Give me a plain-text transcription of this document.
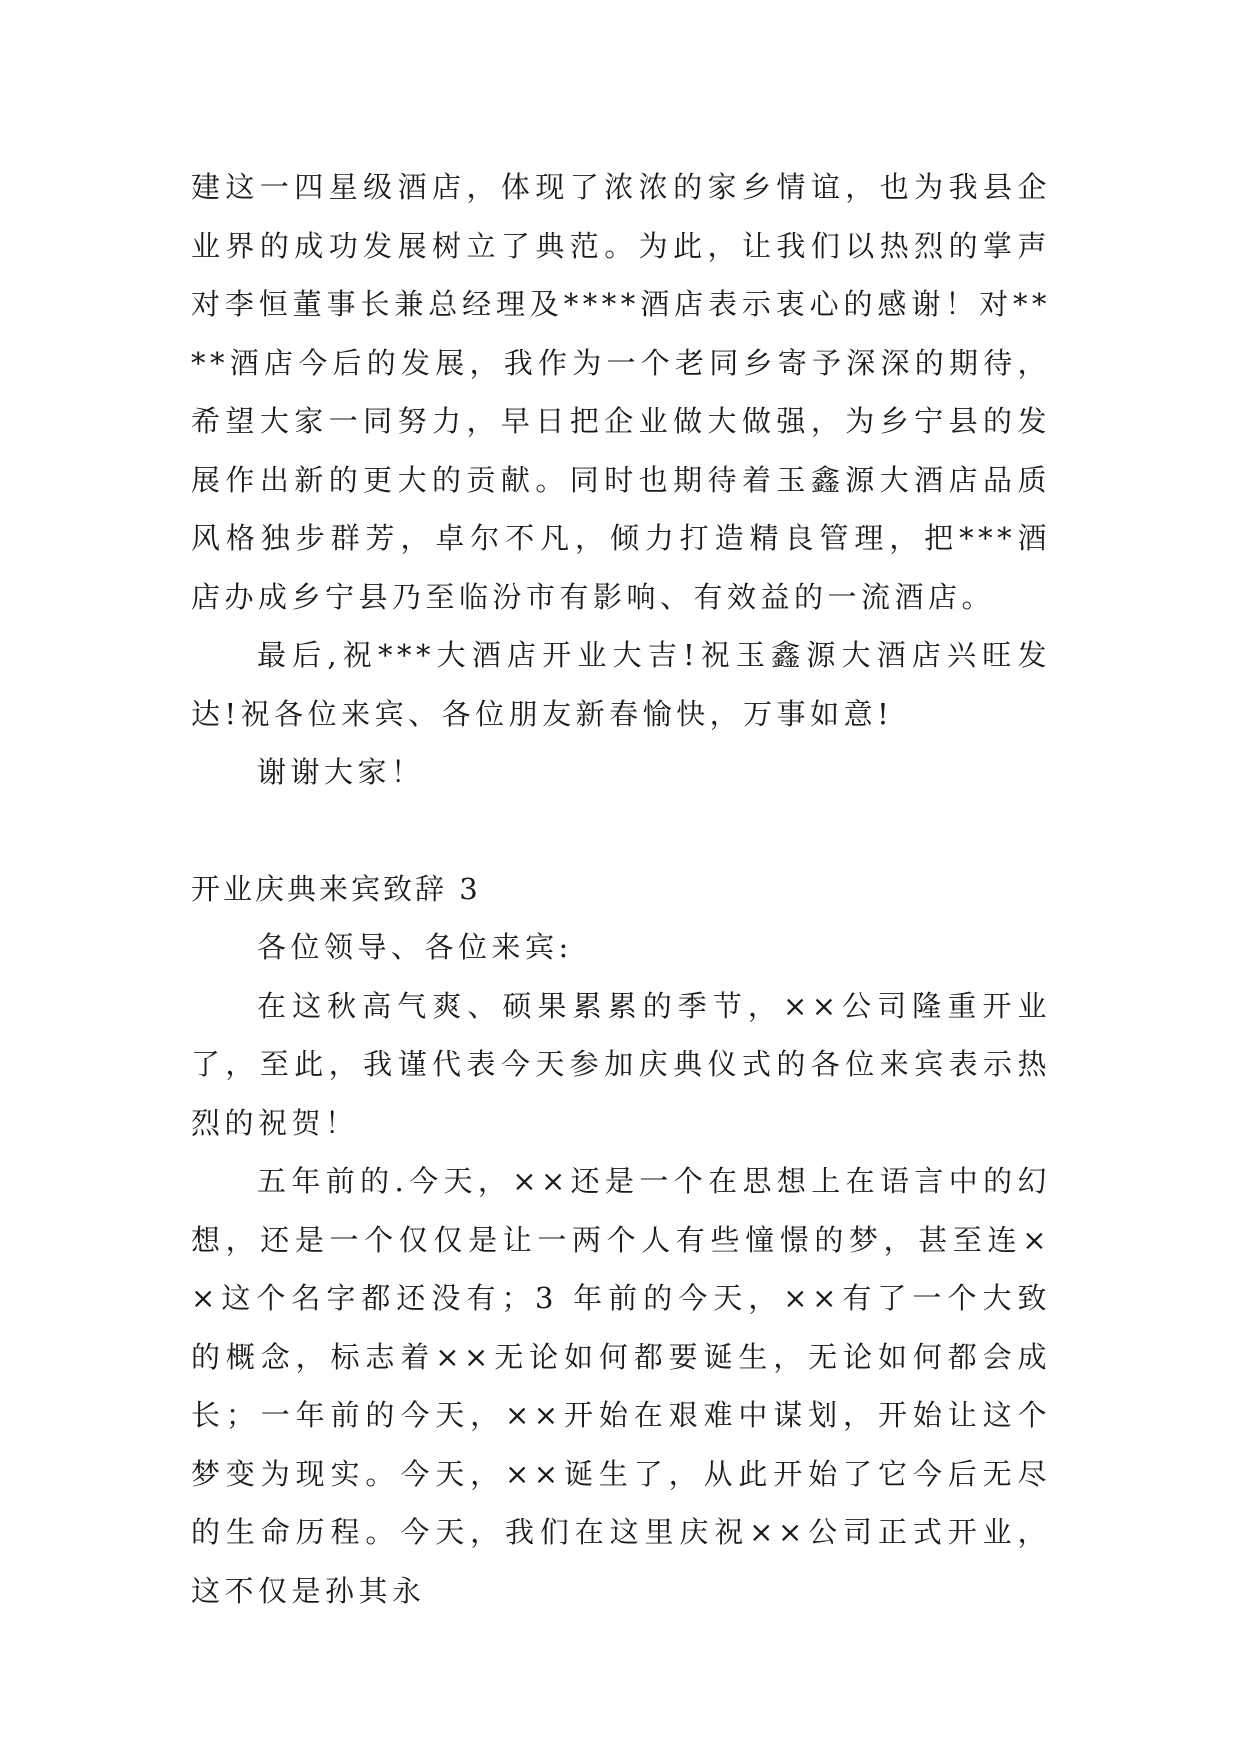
建这一四星级酒店，体现了浓浓的家乡情谊，也为我县企业界的成功发展树立了典范。为此，让我们以热烈的掌声对李恒董事长兼总经理及****酒店表示衷心的感谢！对****酒店今后的发展，我作为一个老同乡寄予深深的期待，希望大家一同努力，早日把企业做大做强，为乡宁县的发展作出新的更大的贡献。同时也期待着玉鑫源大酒店品质风格独步群芳，卓尔不凡，倾力打造精良管理，把***酒店办成乡宁县乃至临汾市有影响、有效益的一流酒店。

最后,祝***大酒店开业大吉!祝玉鑫源大酒店兴旺发达!祝各位来宾、各位朋友新春愉快，万事如意!

谢谢大家！

开业庆典来宾致辞 3

各位领导、各位来宾:

在这秋高气爽、硕果累累的季节，××公司隆重开业了，至此，我谨代表今天参加庆典仪式的各位来宾表示热烈的祝贺！

五年前的.今天，××还是一个在思想上在语言中的幻想，还是一个仅仅是让一两个人有些憧憬的梦，甚至连××这个名字都还没有；3 年前的今天，××有了一个大致的概念，标志着××无论如何都要诞生，无论如何都会成长；一年前的今天，××开始在艰难中谋划，开始让这个梦变为现实。今天，××诞生了，从此开始了它今后无尽的生命历程。今天，我们在这里庆祝××公司正式开业，这不仅是孙其永
